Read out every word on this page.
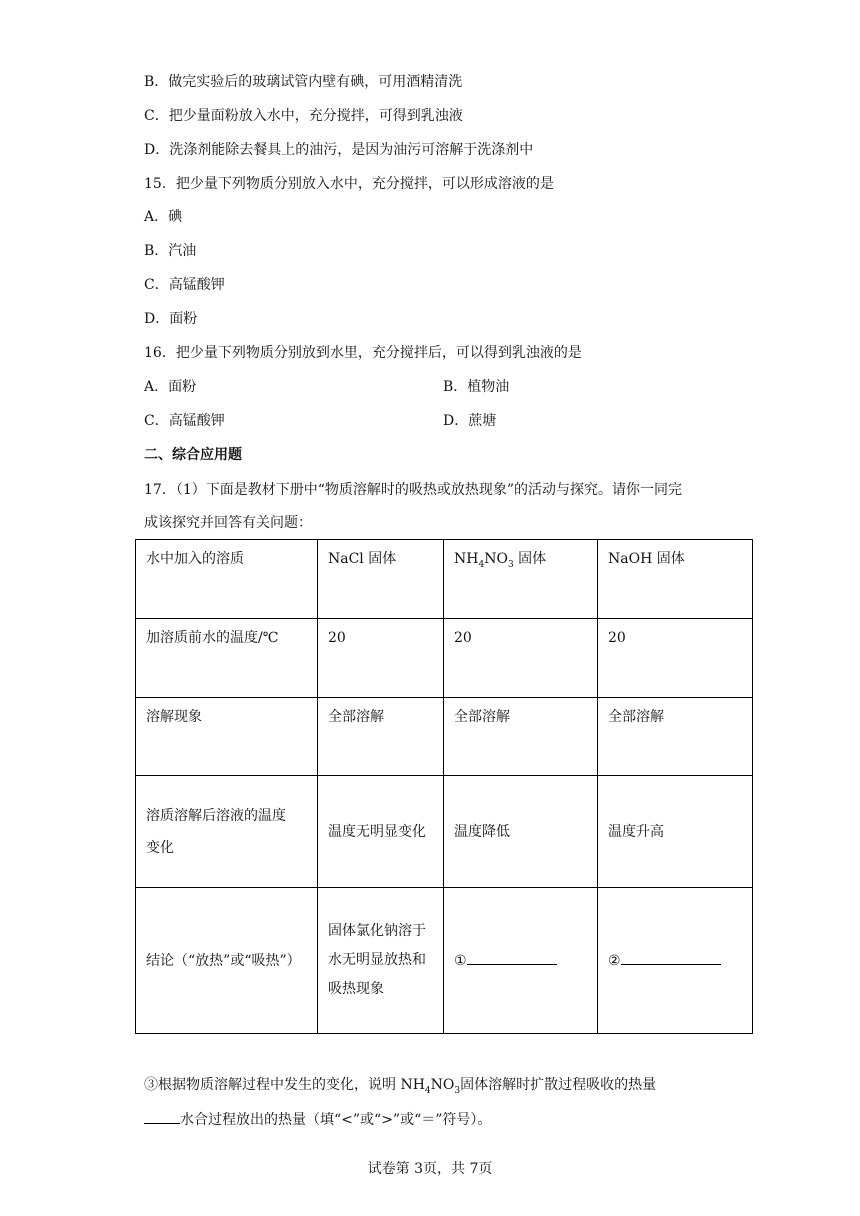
B．做完实验后的玻璃试管内壁有碘，可用酒精清洗
C．把少量面粉放入水中，充分搅拌，可得到乳浊液
D．洗涤剂能除去餐具上的油污，是因为油污可溶解于洗涤剂中
15．把少量下列物质分别放入水中，充分搅拌，可以形成溶液的是
A．碘
B．汽油
C．高锰酸钾
D．面粉
16．把少量下列物质分别放到水里，充分搅拌后，可以得到乳浊液的是
A．面粉	B．植物油
C．高锰酸钾	D．蔗塘
二、综合应用题
17．（1）下面是教材下册中“物质溶解时的吸热或放热现象”的活动与探究。请你一同完
成该探究并回答有关问题：
水中加入的溶质	NaCl 固体	$NH_4NO_3$ 固体	NaOH 固体
加溶质前水的温度/℃	20	20	20
溶解现象	全部溶解	全部溶解	全部溶解

溶质溶解后溶液的温度
变化	温度无明显变化	温度降低	温度升高
结论（“放热”或“吸热”）	固体氯化钠溶于
水无明显放热和
吸热现象	①	②
③根据物质溶解过程中发生的变化，说明 $NH_4NO_3$固体溶解时扩散过程吸收的热量
水合过程放出的热量（填“<”或“>”或“＝”符号）。
试卷第 3页，共 7页
